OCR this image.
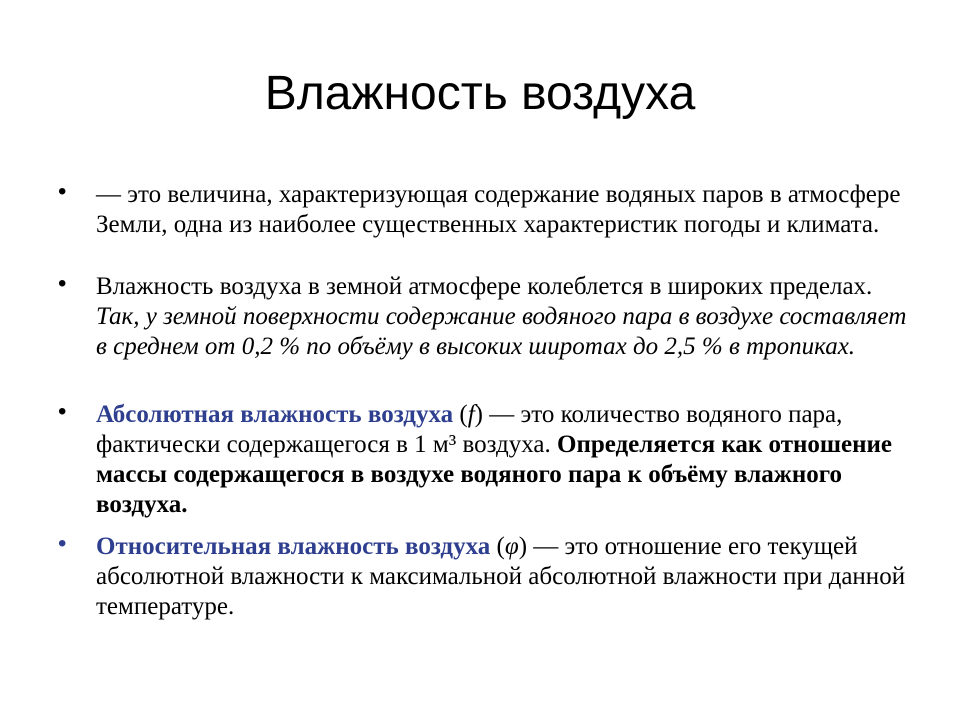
Влажность воздуха
• — это величина, характеризующая содержание водяных паров в атмосфере Земли, одна из наиболее существенных характеристик погоды и климата.
• Влажность воздуха в земной атмосфере колеблется в широких пределах. Так, у земной поверхности содержание водяного пара в воздухе составляет в среднем от 0,2 % по объёму в высоких широтах до 2,5 % в тропиках.
• Абсолютная влажность воздуха (f) — это количество водяного пара, фактически содержащегося в 1 м³ воздуха. Определяется как отношение массы содержащегося в воздухе водяного пара к объёму влажного воздуха.
• Относительная влажность воздуха (φ) — это отношение его текущей абсолютной влажности к максимальной абсолютной влажности при данной температуре.
